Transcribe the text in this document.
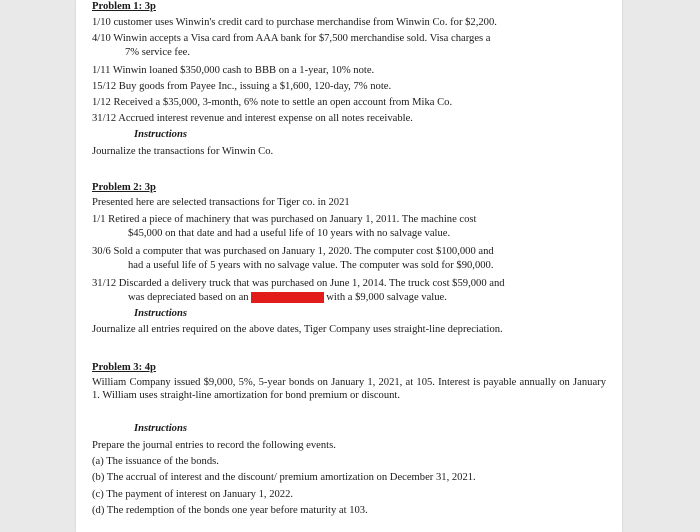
Problem 1: 3p
1/10 customer uses Winwin's credit card to purchase merchandise from Winwin Co. for $2,200.
4/10 Winwin accepts a Visa card from AAA bank for $7,500 merchandise sold. Visa charges a
7% service fee.
1/11 Winwin loaned $350,000 cash to BBB on a 1-year, 10% note.
15/12 Buy goods from Payee Inc., issuing a $1,600, 120-day, 7% note.
1/12 Received a $35,000, 3-month, 6% note to settle an open account from Mika Co.
31/12 Accrued interest revenue and interest expense on all notes receivable.
Instructions
Journalize the transactions for Winwin Co.
Problem 2: 3p
Presented here are selected transactions for Tiger co. in 2021
1/1 Retired a piece of machinery that was purchased on January 1, 2011. The machine cost
$45,000 on that date and had a useful life of 10 years with no salvage value.
30/6 Sold a computer that was purchased on January 1, 2020. The computer cost $100,000 and
had a useful life of 5 years with no salvage value. The computer was sold for $90,000.
31/12 Discarded a delivery truck that was purchased on June 1, 2014. The truck cost $59,000 and
was depreciated based on an 8-year useful life with a $9,000 salvage value.
Instructions
Journalize all entries required on the above dates, Tiger Company uses straight-line depreciation.
Problem 3: 4p
William Company issued $9,000, 5%, 5-year bonds on January 1, 2021, at 105. Interest is payable annually on January 1. William uses straight-line amortization for bond premium or discount.
Instructions
Prepare the journal entries to record the following events.
(a) The issuance of the bonds.
(b) The accrual of interest and the discount/ premium amortization on December 31, 2021.
(c) The payment of interest on January 1, 2022.
(d) The redemption of the bonds one year before maturity at 103.
